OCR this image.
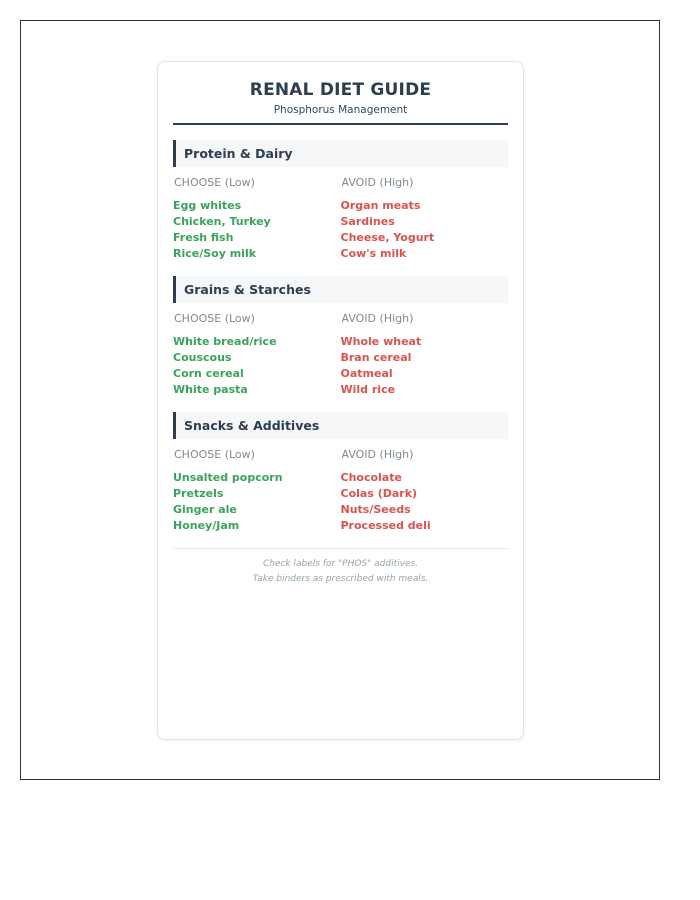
RENAL DIET GUIDE
Phosphorus Management
Protein & Dairy
CHOOSE (Low)
Egg whites
Chicken, Turkey
Fresh fish
Rice/Soy milk
AVOID (High)
Organ meats
Sardines
Cheese, Yogurt
Cow's milk
Grains & Starches
CHOOSE (Low)
White bread/rice
Couscous
Corn cereal
White pasta
AVOID (High)
Whole wheat
Bran cereal
Oatmeal
Wild rice
Snacks & Additives
CHOOSE (Low)
Unsalted popcorn
Pretzels
Ginger ale
Honey/Jam
AVOID (High)
Chocolate
Colas (Dark)
Nuts/Seeds
Processed deli
Check labels for "PHOS" additives.
Take binders as prescribed with meals.
